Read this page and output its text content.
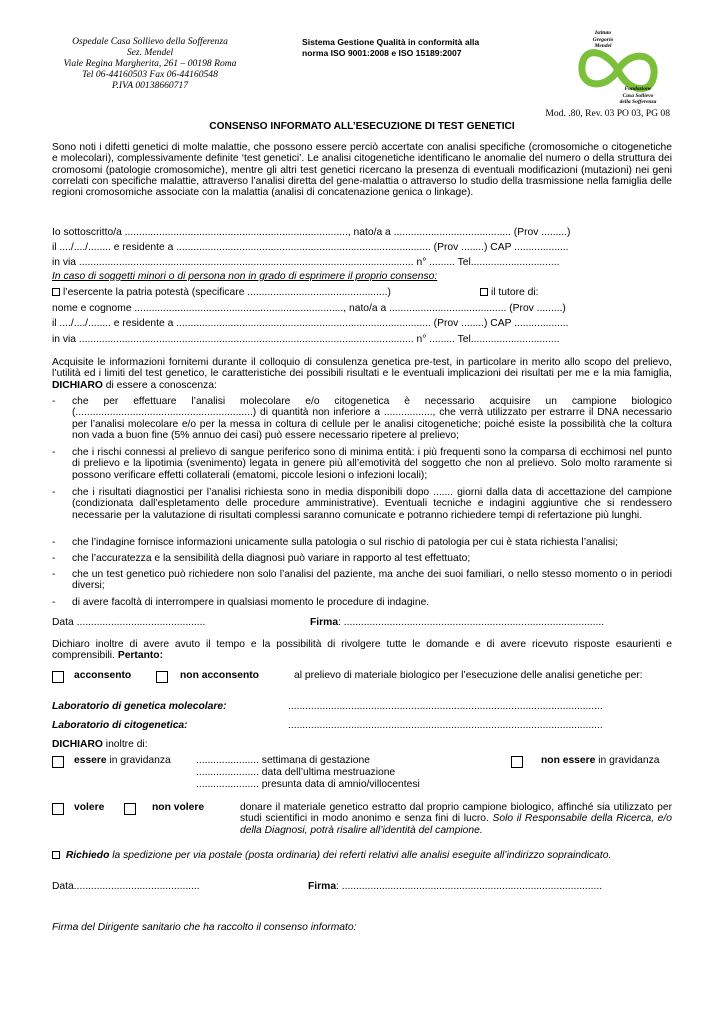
Ospedale Casa Sollievo della Sofferenza
Sez. Mendel
Viale Regina Margherita, 261 – 00198 Roma
Tel 06-44160503 Fax 06-44160548
P.IVA 00138660717
Sistema Gestione Qualità in conformità alla
norma ISO 9001:2008 e ISO 15189:2007
Istituto
Gregorio
Mendel
Fondazione
Casa Sollievo
della Sofferenza
Mod. .80, Rev. 03 PO 03, PG 08
CONSENSO INFORMATO ALL’ESECUZIONE DI TEST GENETICI
Sono noti i difetti genetici di molte malattie, che possono essere perciò accertate con analisi specifiche (cromosomiche o citogenetiche e molecolari), complessivamente definite ‘test genetici’. Le analisi citogenetiche identificano le anomalie del numero o della struttura dei cromosomi (patologie cromosomiche), mentre gli altri test genetici ricercano la presenza di eventuali modificazioni (mutazioni) nei geni correlati con specifiche malattie, attraverso l’analisi diretta del gene-malattia o attraverso lo studio della trasmissione nella famiglia delle regioni cromosomiche associate con la malattia (analisi di concatenazione genica o linkage).
Io sottoscritto/a .............................................................................., nato/a a ......................................... (Prov .........)
il ..../..../........ e residente a ......................................................................................... (Prov ........) CAP ...................
in via ..................................................................................................................... n° ......... Tel...............................
In caso di soggetti minori o di persona non in grado di esprimere il proprio consenso:
l’esercente la patria potestà (specificare .................................................)	il tutore di:
nome e cognome ........................................................................., nato/a a ......................................... (Prov .........)
il ..../..../........ e residente a ......................................................................................... (Prov ........) CAP ...................
in via ..................................................................................................................... n° ......... Tel...............................
Acquisite le informazioni fornitemi durante il colloquio di consulenza genetica pre-test, in particolare in merito allo scopo del prelievo, l’utilità ed i limiti del test genetico, le caratteristiche dei possibili risultati e le eventuali implicazioni dei risultati per me e la mia famiglia, DICHIARO di essere a conoscenza:
-	che per effettuare l’analisi molecolare e/o citogenetica è necessario acquisire un campione biologico (..............................................................) di quantità non inferiore a ................., che verrà utilizzato per estrarre il DNA necessario per l’analisi molecolare e/o per la messa in coltura di cellule per le analisi citogenetiche; poiché esiste la possibilità che la coltura non vada a buon fine (5% annuo dei casi) può essere necessario ripetere al prelievo;
-	che i rischi connessi al prelievo di sangue periferico sono di minima entità: i più frequenti sono la comparsa di ecchimosi nel punto di prelievo e la lipotimia (svenimento) legata in genere più all’emotività del soggetto che non al prelievo. Solo molto raramente si possono verificare effetti collaterali (ematomi, piccole lesioni o infezioni locali);
-	che i risultati diagnostici per l’analisi richiesta sono in media disponibili dopo ....... giorni dalla data di accettazione del campione (condizionata dall’espletamento delle procedure amministrative). Eventuali tecniche e indagini aggiuntive che si rendessero necessarie per la valutazione di risultati complessi saranno comunicate e potranno richiedere tempi di refertazione più lunghi.
-	che l’indagine fornisce informazioni unicamente sulla patologia o sul rischio di patologia per cui è stata richiesta l’analisi;
-	che l’accuratezza e la sensibilità della diagnosi può variare in rapporto al test effettuato;
-	che un test genetico può richiedere non solo l’analisi del paziente, ma anche dei suoi familiari, o nello stesso momento o in periodi diversi;
-	di avere facoltà di interrompere in qualsiasi momento le procedure di indagine.
Data .............................................	Firma: ...........................................................................................
Dichiaro inoltre di avere avuto il tempo e la possibilità di rivolgere tutte le domande e di avere ricevuto risposte esaurienti e comprensibili. Pertanto:
acconsento	non acconsento	al prelievo di materiale biologico per l’esecuzione delle analisi genetiche per:
Laboratorio di genetica molecolare:	..............................................................................................................
Laboratorio di citogenetica:	..............................................................................................................
DICHIARO inoltre di:
essere in gravidanza ...................... settimana di gestazione
...................... data dell’ultima mestruazione
...................... presunta data di amnio/villocentesi
non essere in gravidanza
volere	non volere	donare il materiale genetico estratto dal proprio campione biologico, affinché sia utilizzato per studi scientifici in modo anonimo e senza fini di lucro. Solo il Responsabile della Ricerca, e/o della Diagnosi, potrà risalire all’identità del campione.
Richiedo la spedizione per via postale (posta ordinaria) dei referti relativi alle analisi eseguite all’indirizzo sopraindicato.
Data............................................	Firma: ...........................................................................................
Firma del Dirigente sanitario che ha raccolto il consenso informato:
